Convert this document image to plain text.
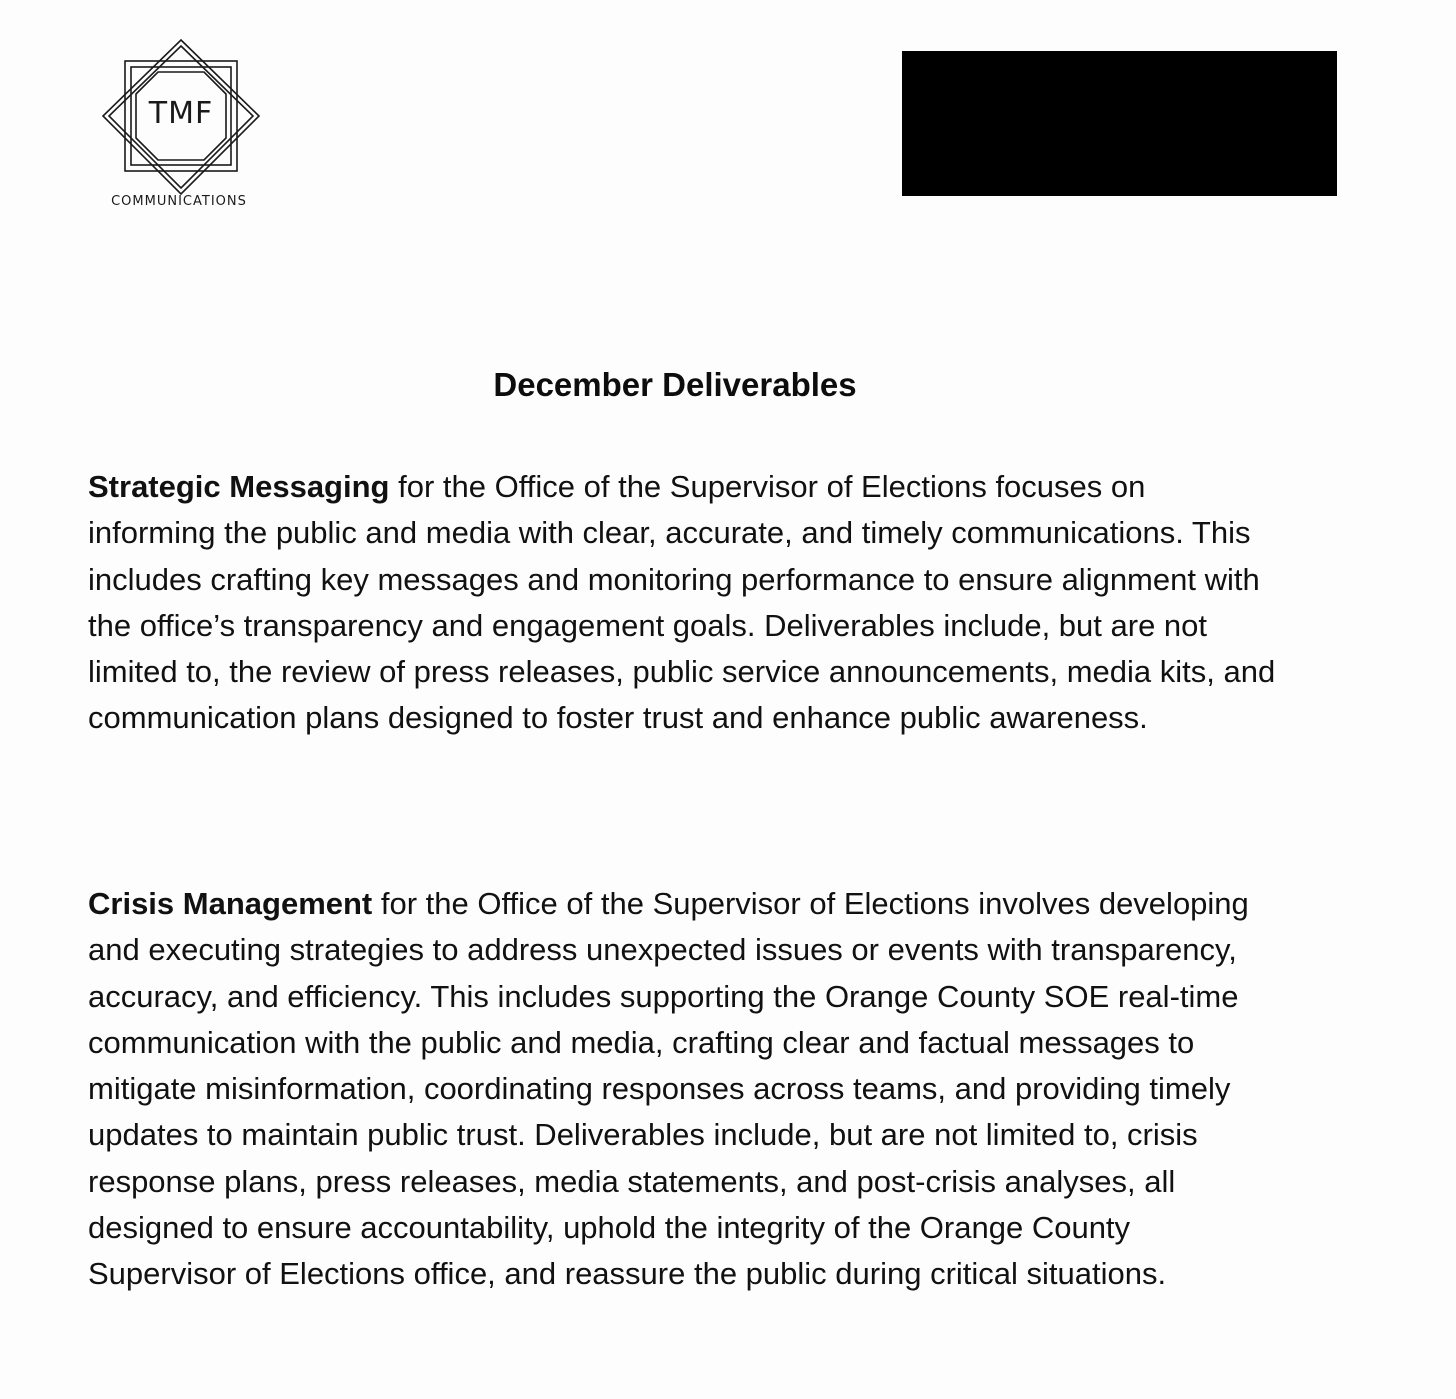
TMF
COMMUNICATIONS
December Deliverables

Strategic Messaging for the Office of the Supervisor of Elections focuses on informing the public and media with clear, accurate, and timely communications. This includes crafting key messages and monitoring performance to ensure alignment with the office’s transparency and engagement goals. Deliverables include, but are not limited to, the review of press releases, public service announcements, media kits, and communication plans designed to foster trust and enhance public awareness.

Crisis Management for the Office of the Supervisor of Elections involves developing and executing strategies to address unexpected issues or events with transparency, accuracy, and efficiency. This includes supporting the Orange County SOE real-time communication with the public and media, crafting clear and factual messages to mitigate misinformation, coordinating responses across teams, and providing timely updates to maintain public trust. Deliverables include, but are not limited to, crisis response plans, press releases, media statements, and post-crisis analyses, all designed to ensure accountability, uphold the integrity of the Orange County Supervisor of Elections office, and reassure the public during critical situations.
